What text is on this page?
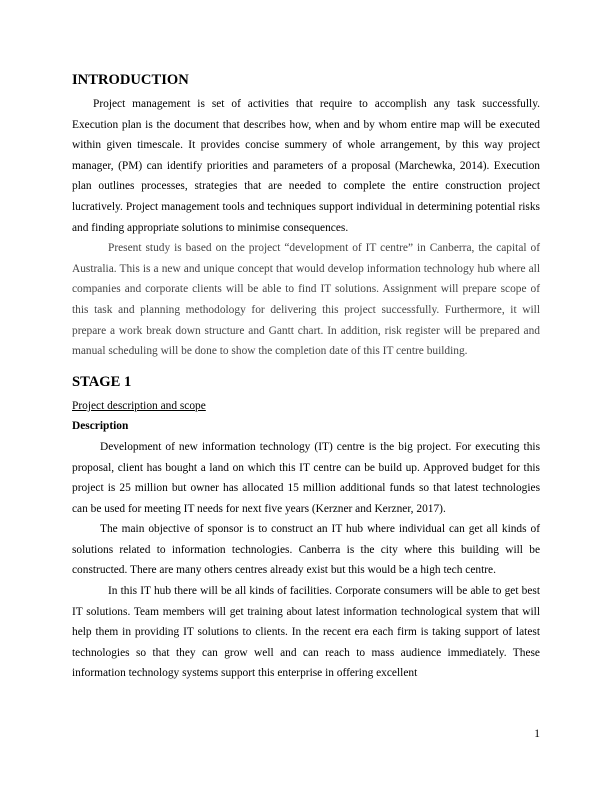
INTRODUCTION

Project management is set of activities that require to accomplish any task successfully. Execution plan is the document that describes how, when and by whom entire map will be executed within given timescale. It provides concise summery of whole arrangement, by this way project manager, (PM) can identify priorities and parameters of a proposal (Marchewka, 2014). Execution plan outlines processes, strategies that are needed to complete the entire construction project lucratively. Project management tools and techniques support individual in determining potential risks and finding appropriate solutions to minimise consequences.

Present study is based on the project “development of IT centre” in Canberra, the capital of Australia. This is a new and unique concept that would develop information technology hub where all companies and corporate clients will be able to find IT solutions. Assignment will prepare scope of this task and planning methodology for delivering this project successfully. Furthermore, it will prepare a work break down structure and Gantt chart. In addition, risk register will be prepared and manual scheduling will be done to show the completion date of this IT centre building.

STAGE 1

Project description and scope

Description

Development of new information technology (IT) centre is the big project. For executing this proposal, client has bought a land on which this IT centre can be build up. Approved budget for this project is 25 million but owner has allocated 15 million additional funds so that latest technologies can be used for meeting IT needs for next five years (Kerzner and Kerzner, 2017).

The main objective of sponsor is to construct an IT hub where individual can get all kinds of solutions related to information technologies. Canberra is the city where this building will be constructed. There are many others centres already exist but this would be a high tech centre.

In this IT hub there will be all kinds of facilities. Corporate consumers will be able to get best IT solutions. Team members will get training about latest information technological system that will help them in providing IT solutions to clients. In the recent era each firm is taking support of latest technologies so that they can grow well and can reach to mass audience immediately. These information technology systems support this enterprise in offering excellent

1
